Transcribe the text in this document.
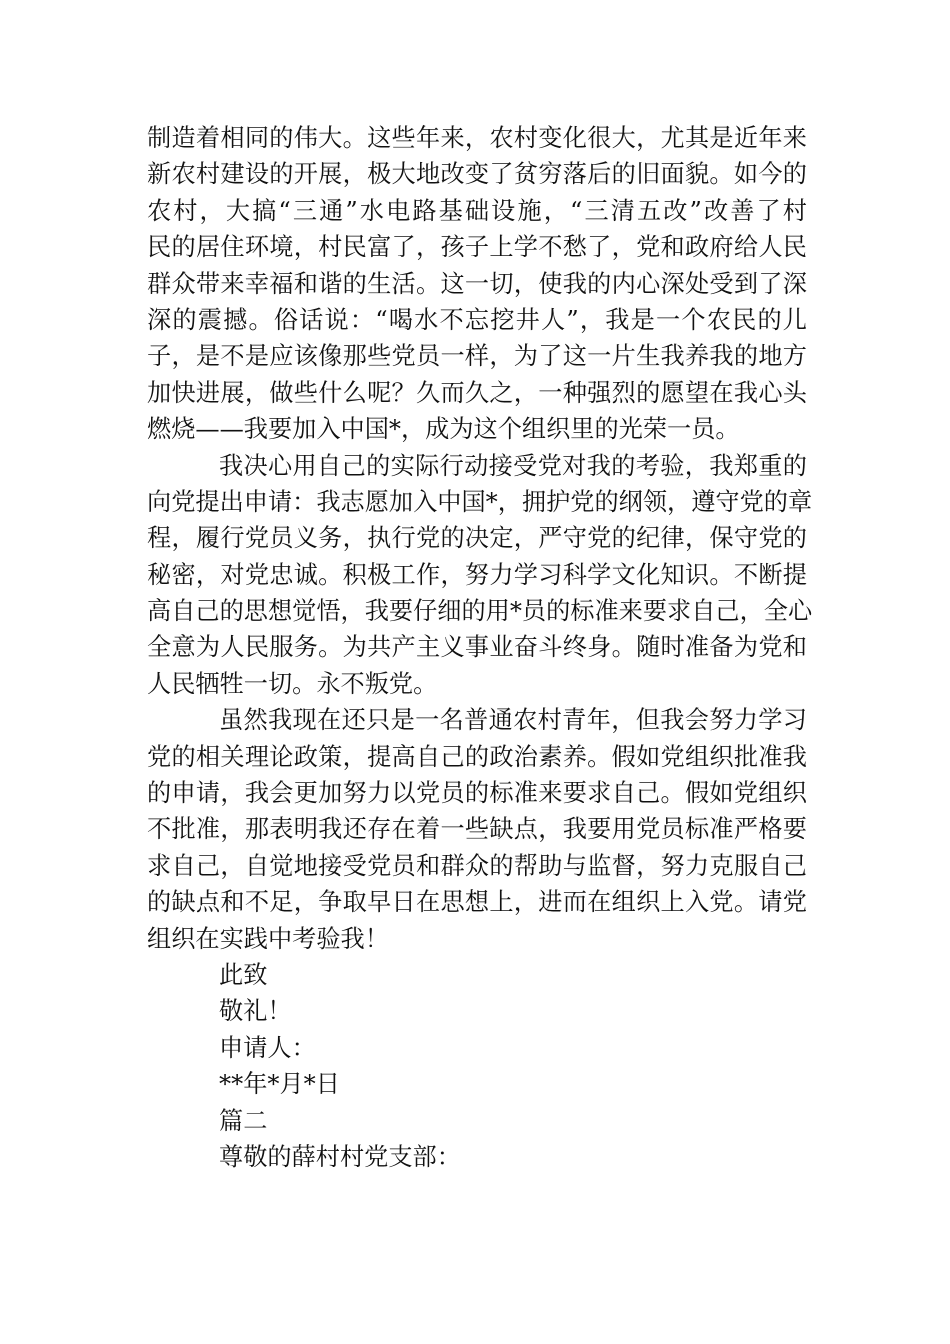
制造着相同的伟大。这些年来，农村变化很大，尤其是近年来
新农村建设的开展，极大地改变了贫穷落后的旧面貌。如今的
农村，大搞“三通”水电路基础设施，“三清五改”改善了村
民的居住环境，村民富了，孩子上学不愁了，党和政府给人民
群众带来幸福和谐的生活。这一切，使我的内心深处受到了深
深的震撼。俗话说：“喝水不忘挖井人”，我是一个农民的儿
子，是不是应该像那些党员一样，为了这一片生我养我的地方
加快进展，做些什么呢？久而久之，一种强烈的愿望在我心头
燃烧——我要加入中国*，成为这个组织里的光荣一员。
我决心用自己的实际行动接受党对我的考验，我郑重的
向党提出申请：我志愿加入中国*，拥护党的纲领，遵守党的章
程，履行党员义务，执行党的决定，严守党的纪律，保守党的
秘密，对党忠诚。积极工作，努力学习科学文化知识。不断提
高自己的思想觉悟，我要仔细的用*员的标准来要求自己，全心
全意为人民服务。为共产主义事业奋斗终身。随时准备为党和
人民牺牲一切。永不叛党。
虽然我现在还只是一名普通农村青年，但我会努力学习
党的相关理论政策，提高自己的政治素养。假如党组织批准我
的申请，我会更加努力以党员的标准来要求自己。假如党组织
不批准，那表明我还存在着一些缺点，我要用党员标准严格要
求自己，自觉地接受党员和群众的帮助与监督，努力克服自己
的缺点和不足，争取早日在思想上，进而在组织上入党。请党
组织在实践中考验我！
此致
敬礼！
申请人：
**年*月*日
篇二
尊敬的薛村村党支部：
